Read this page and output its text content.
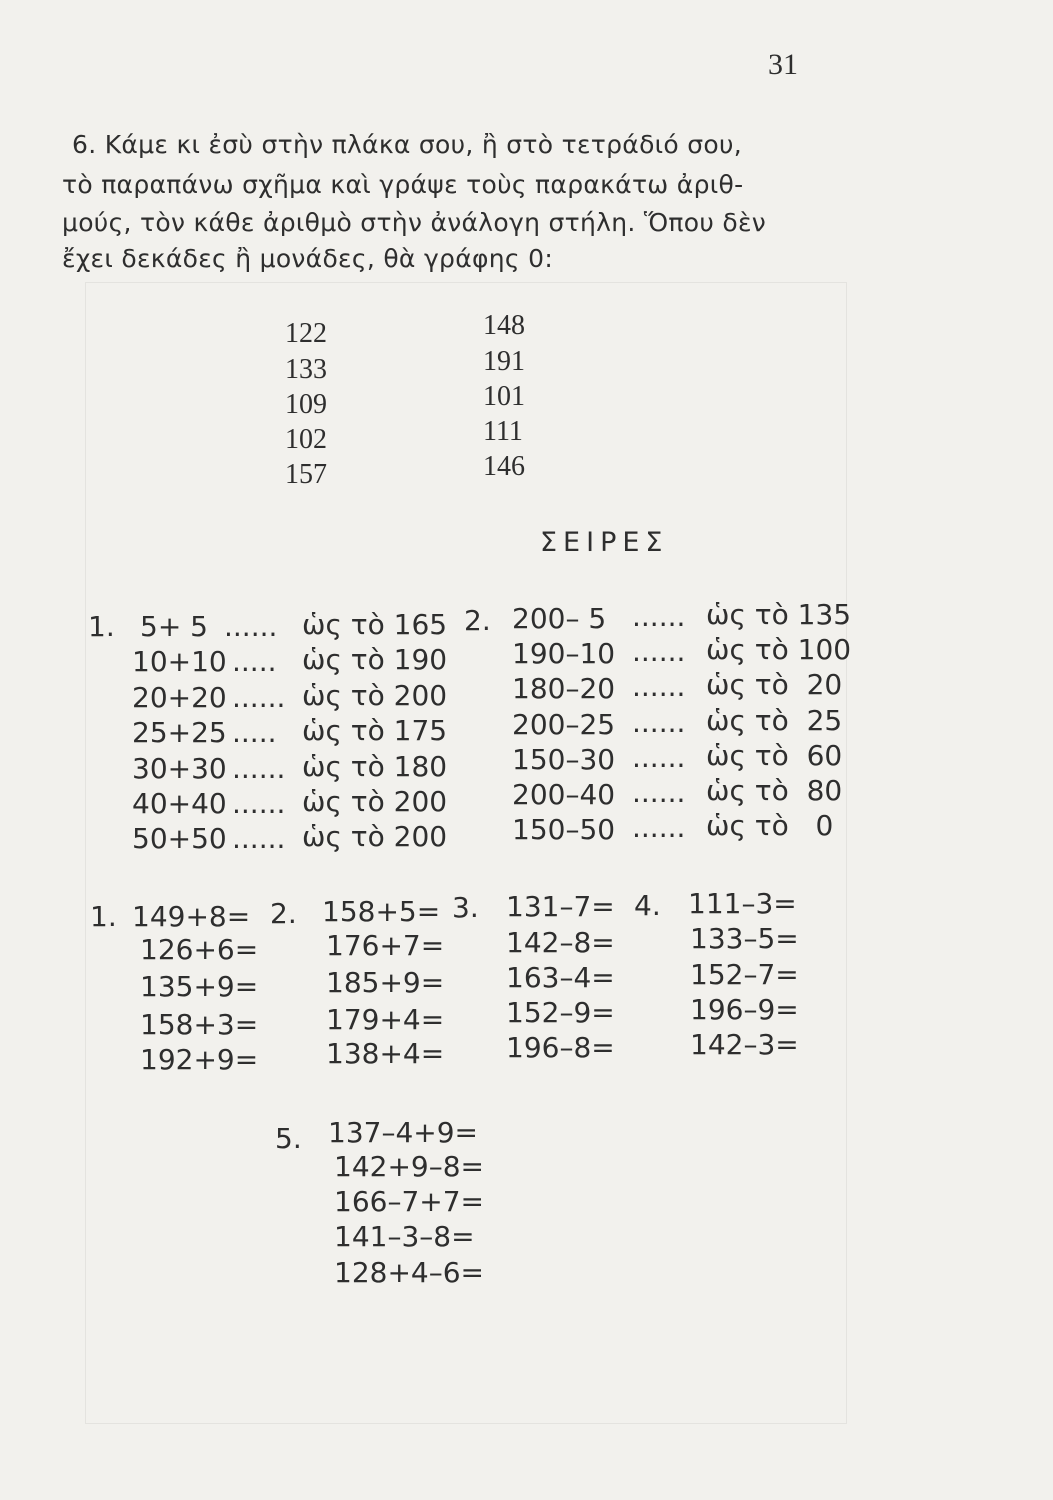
31
6. Κάμε κι ἐσὺ στὴν πλάκα σου, ἢ στὸ τετράδιό σου,
τὸ παραπάνω σχῆμα καὶ γράψε τοὺς παρακάτω ἀριθ-
μούς, τὸν κάθε ἀριθμὸ στὴν ἀνάλογη στήλη. Ὅπου δὲν
ἔχει δεκάδες ἢ μονάδες, θὰ γράφης 0:
122
133
109
102
157
148
191
101
111
146
ΣΕΙΡΕΣ
1. 5+ 5
10+10
20+20
25+25
30+30
40+40
50+50
......
.....
......
.....
......
......
......
ὡς τὸ 165
ὡς τὸ 190
ὡς τὸ 200
ὡς τὸ 175
ὡς τὸ 180
ὡς τὸ 200
ὡς τὸ 200
2. 200– 5
190–10
180–20
200–25
150–30
200–40
150–50
......
......
......
......
......
......
......
ὡς τὸ 135
ὡς τὸ 100
ὡς τὸ  20
ὡς τὸ  25
ὡς τὸ  60
ὡς τὸ  80
ὡς τὸ   0
1. 149+8=
126+6=
135+9=
158+3=
192+9=
2. 158+5=
176+7=
185+9=
179+4=
138+4=
3. 131–7=
142–8=
163–4=
152–9=
196–8=
4. 111–3=
133–5=
152–7=
196–9=
142–3=
5. 137–4+9=
142+9–8=
166–7+7=
141–3–8=
128+4–6=
